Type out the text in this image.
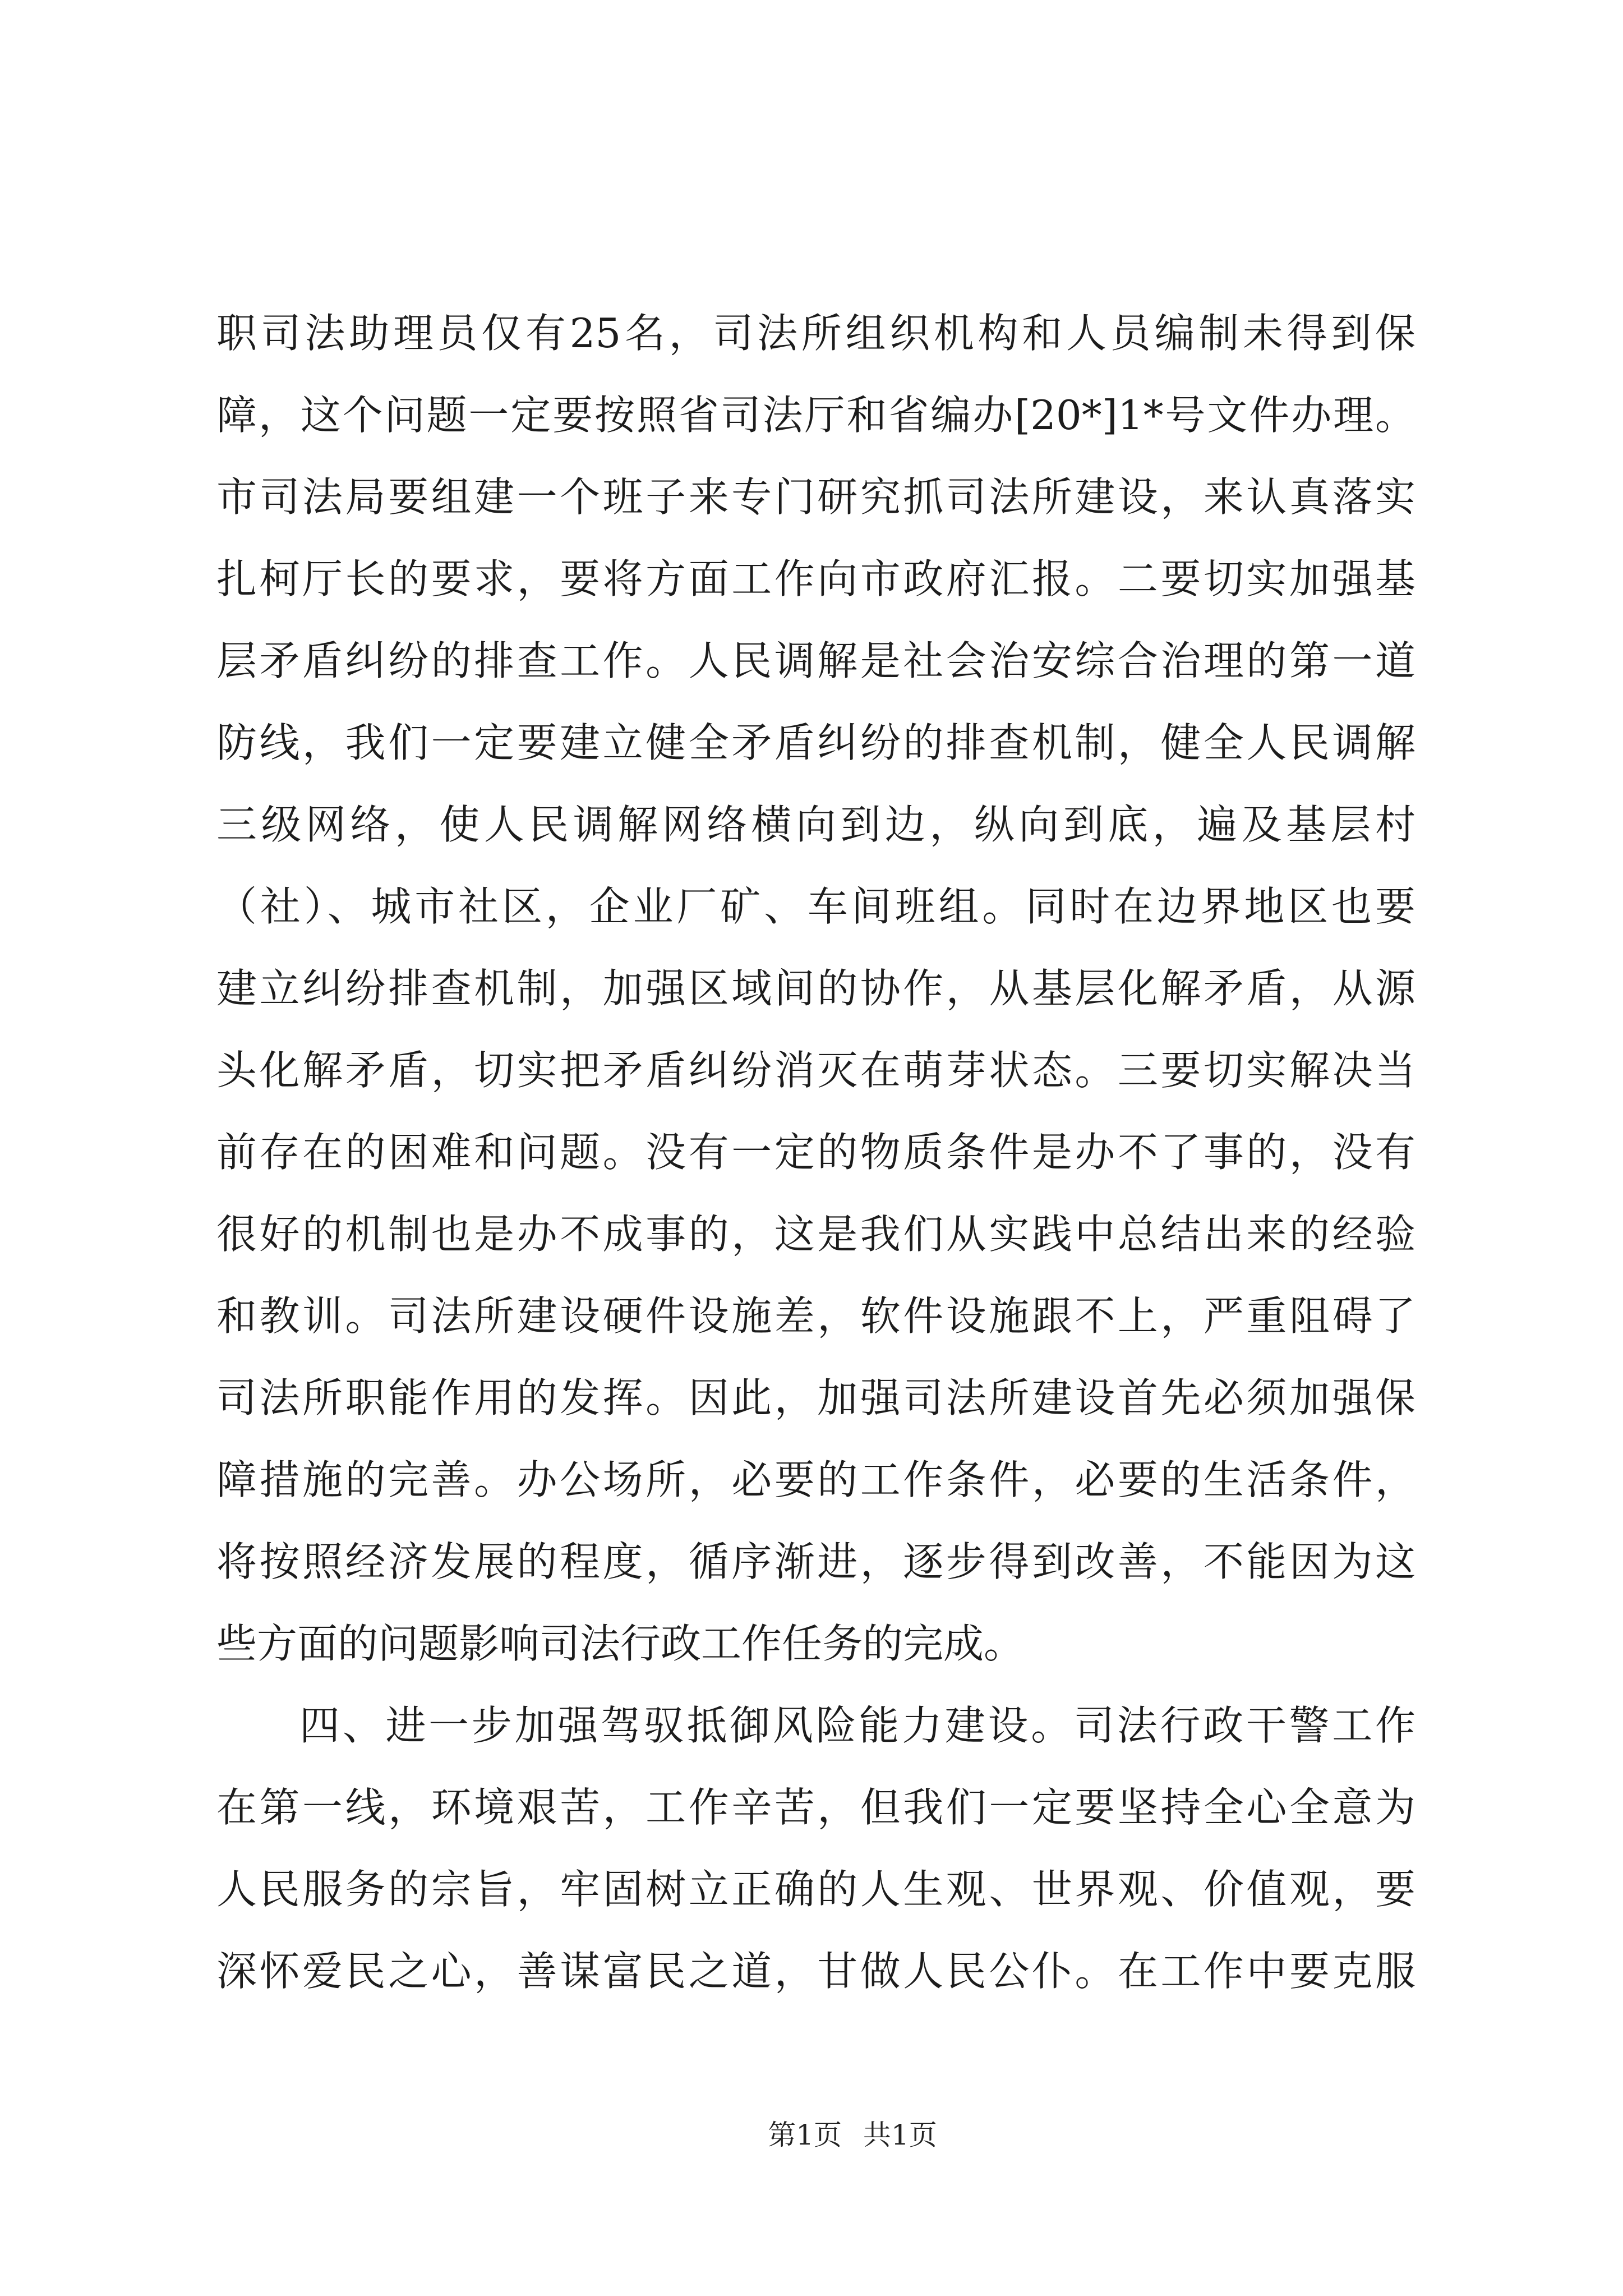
职司法助理员仅有25名，司法所组织机构和人员编制未得到保
障，这个问题一定要按照省司法厅和省编办[20*]1*号文件办理。
市司法局要组建一个班子来专门研究抓司法所建设，来认真落实
扎柯厅长的要求，要将方面工作向市政府汇报。二要切实加强基
层矛盾纠纷的排查工作。人民调解是社会治安综合治理的第一道
防线，我们一定要建立健全矛盾纠纷的排查机制，健全人民调解
三级网络，使人民调解网络横向到边，纵向到底，遍及基层村
（社）、城市社区，企业厂矿、车间班组。同时在边界地区也要
建立纠纷排查机制，加强区域间的协作，从基层化解矛盾，从源
头化解矛盾，切实把矛盾纠纷消灭在萌芽状态。三要切实解决当
前存在的困难和问题。没有一定的物质条件是办不了事的，没有
很好的机制也是办不成事的，这是我们从实践中总结出来的经验
和教训。司法所建设硬件设施差，软件设施跟不上，严重阻碍了
司法所职能作用的发挥。因此，加强司法所建设首先必须加强保
障措施的完善。办公场所，必要的工作条件，必要的生活条件，
将按照经济发展的程度，循序渐进，逐步得到改善，不能因为这
些方面的问题影响司法行政工作任务的完成。
四、进一步加强驾驭抵御风险能力建设。司法行政干警工作
在第一线，环境艰苦，工作辛苦，但我们一定要坚持全心全意为
人民服务的宗旨，牢固树立正确的人生观、世界观、价值观，要
深怀爱民之心，善谋富民之道，甘做人民公仆。在工作中要克服
第1页 共1页
